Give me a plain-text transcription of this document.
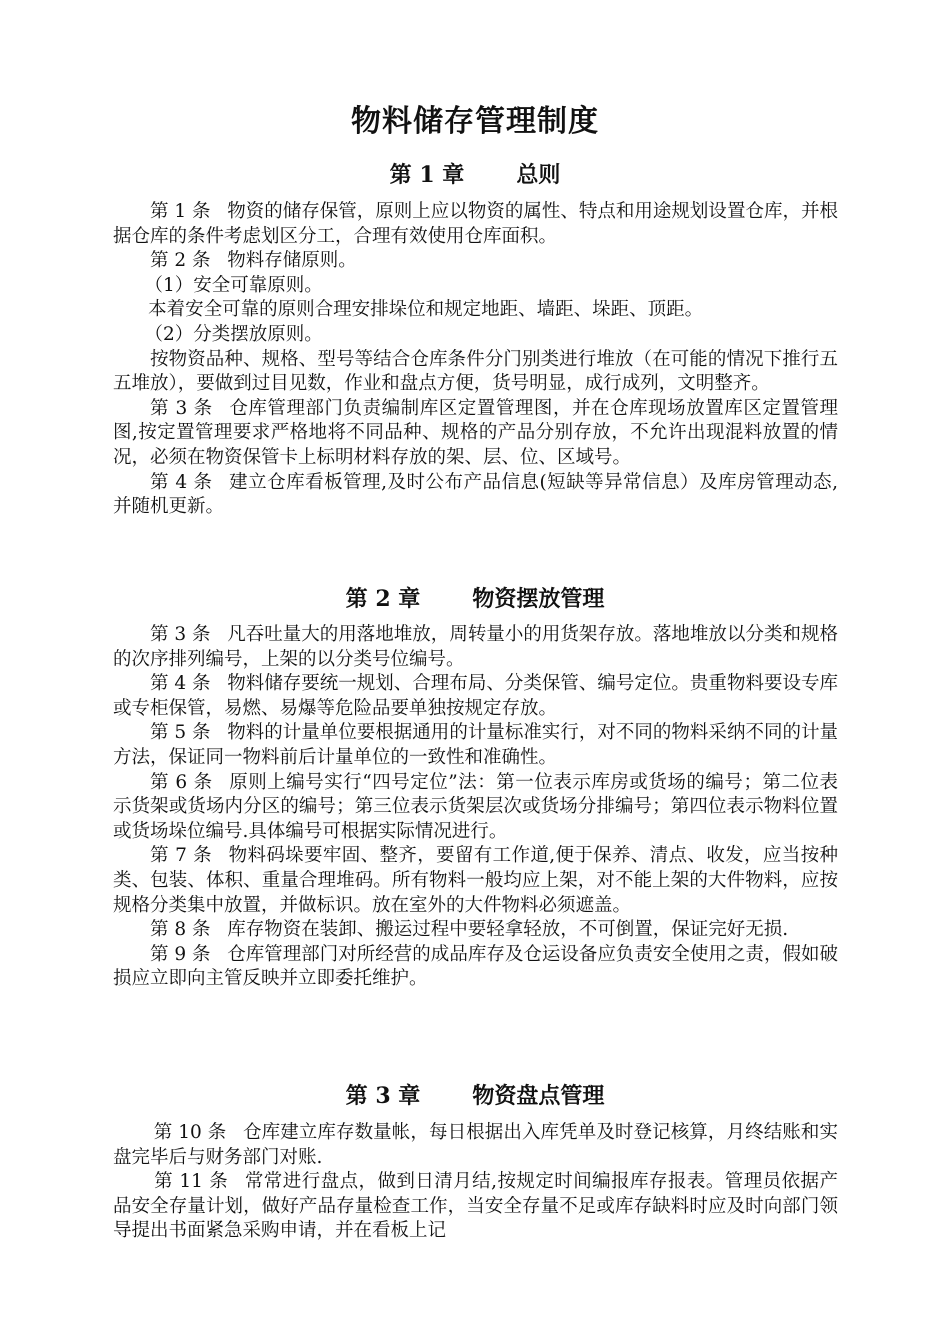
物料储存管理制度
第 1 章 总则

第 1 条 物资的储存保管，原则上应以物资的属性、特点和用途规划设置仓库，并根据仓库的条件考虑划区分工，合理有效使用仓库面积。

第 2 条 物料存储原则。

（1）安全可靠原则。

本着安全可靠的原则合理安排垛位和规定地距、墙距、垛距、顶距。

（2）分类摆放原则。

按物资品种、规格、型号等结合仓库条件分门别类进行堆放（在可能的情况下推行五五堆放），要做到过目见数，作业和盘点方便，货号明显，成行成列，文明整齐。

第 3 条 仓库管理部门负责编制库区定置管理图，并在仓库现场放置库区定置管理图,按定置管理要求严格地将不同品种、规格的产品分别存放，不允许出现混料放置的情况，必须在物资保管卡上标明材料存放的架、层、位、区域号。

第 4 条 建立仓库看板管理,及时公布产品信息(短缺等异常信息）及库房管理动态,并随机更新。

第 2 章 物资摆放管理

第 3 条 凡吞吐量大的用落地堆放，周转量小的用货架存放。落地堆放以分类和规格的次序排列编号，上架的以分类号位编号。

第 4 条 物料储存要统一规划、合理布局、分类保管、编号定位。贵重物料要设专库或专柜保管，易燃、易爆等危险品要单独按规定存放。

第 5 条 物料的计量单位要根据通用的计量标准实行，对不同的物料采纳不同的计量方法，保证同一物料前后计量单位的一致性和准确性。

第 6 条 原则上编号实行“四号定位”法：第一位表示库房或货场的编号；第二位表示货架或货场内分区的编号；第三位表示货架层次或货场分排编号；第四位表示物料位置或货场垛位编号.具体编号可根据实际情况进行。

第 7 条 物料码垛要牢固、整齐，要留有工作道,便于保养、清点、收发，应当按种类、包装、体积、重量合理堆码。所有物料一般均应上架，对不能上架的大件物料，应按规格分类集中放置，并做标识。放在室外的大件物料必须遮盖。

第 8 条 库存物资在装卸、搬运过程中要轻拿轻放，不可倒置，保证完好无损.

第 9 条 仓库管理部门对所经营的成品库存及仓运设备应负责安全使用之责，假如破损应立即向主管反映并立即委托维护。

第 3 章 物资盘点管理

第 10 条 仓库建立库存数量帐，每日根据出入库凭单及时登记核算，月终结账和实盘完毕后与财务部门对账.

第 11 条 常常进行盘点，做到日清月结,按规定时间编报库存报表。管理员依据产品安全存量计划，做好产品存量检查工作，当安全存量不足或库存缺料时应及时向部门领导提出书面紧急采购申请，并在看板上记
